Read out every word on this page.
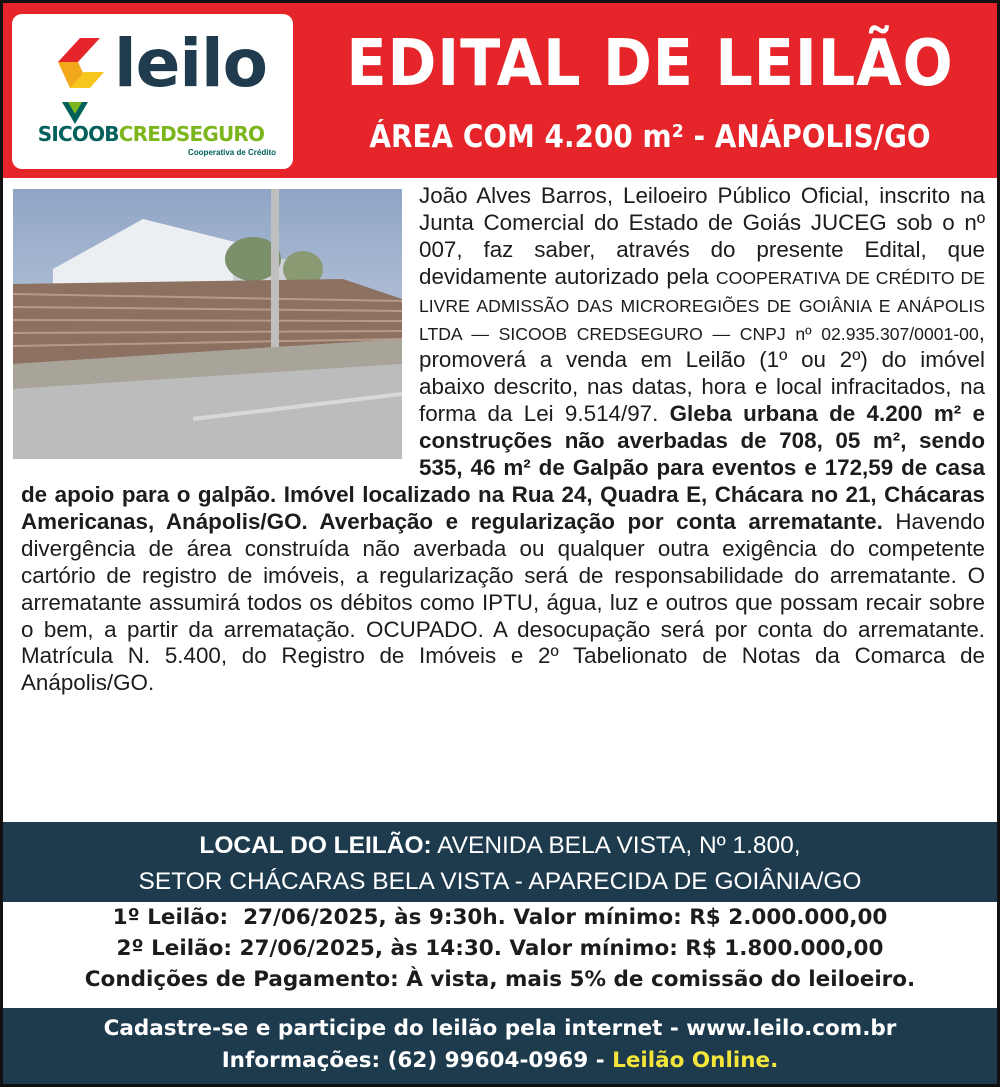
leilo
SICOOBCREDSEGURO
Cooperativa de Crédito
EDITAL DE LEILÃO
ÁREA COM 4.200 m² - ANÁPOLIS/GO
João Alves Barros, Leiloeiro Público Oficial, inscrito na Junta Comercial do Estado de Goiás JUCEG sob o nº 007, faz saber, através do presente Edital, que devidamente autorizado pela COOPERATIVA DE CRÉDITO DE LIVRE ADMISSÃO DAS MICROREGIÕES DE GOIÂNIA E ANÁPOLIS LTDA — SICOOB CREDSEGURO — CNPJ nº 02.935.307/0001-00, promoverá a venda em Leilão (1º ou 2º) do imóvel abaixo descrito, nas datas, hora e local infracitados, na forma da Lei 9.514/97. Gleba urbana de 4.200 m² e construções não averbadas de 708, 05 m², sendo 535, 46 m² de Galpão para eventos e 172,59 de casa de apoio para o galpão. Imóvel localizado na Rua 24, Quadra E, Chácara no 21, Chácaras Americanas, Anápolis/GO. Averbação e regularização por conta arrematante. Havendo divergência de área construída não averbada ou qualquer outra exigência do competente cartório de registro de imóveis, a regularização será de responsabilidade do arrematante. O arrematante assumirá todos os débitos como IPTU, água, luz e outros que possam recair sobre o bem, a partir da arrematação. OCUPADO. A desocupação será por conta do arrematante. Matrícula N. 5.400, do Registro de Imóveis e 2º Tabelionato de Notas da Comarca de Anápolis/GO.
LOCAL DO LEILÃO: AVENIDA BELA VISTA, Nº 1.800,
SETOR CHÁCARAS BELA VISTA - APARECIDA DE GOIÂNIA/GO
1º Leilão:  27/06/2025, às 9:30h. Valor mínimo: R$ 2.000.000,00
2º Leilão: 27/06/2025, às 14:30. Valor mínimo: R$ 1.800.000,00
Condições de Pagamento: À vista, mais 5% de comissão do leiloeiro.
Cadastre-se e participe do leilão pela internet - www.leilo.com.br
Informações: (62) 99604-0969 - Leilão Online.
